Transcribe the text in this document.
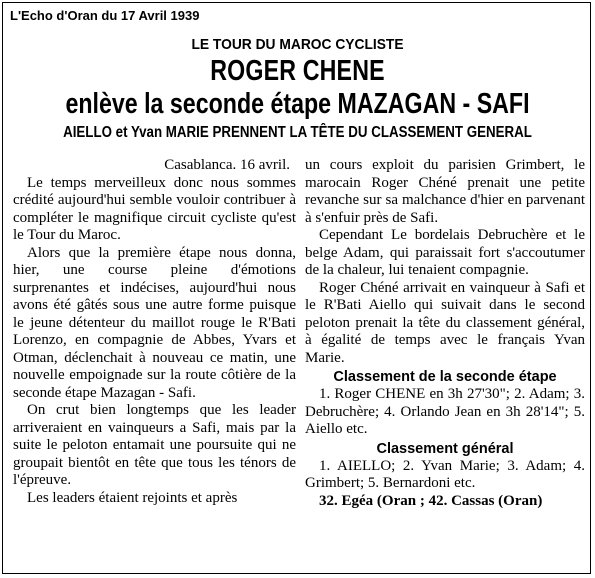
L'Echo d'Oran du 17 Avril 1939
LE TOUR DU MAROC CYCLISTE
ROGER CHENE
enlève la seconde étape MAZAGAN - SAFI
AIELLO et Yvan MARIE PRENNENT LA TÊTE DU CLASSEMENT GENERAL

Casablanca. 16 avril.

Le temps merveilleux donc nous sommes crédité aujourd'hui semble vouloir contribuer à compléter le magnifique circuit cycliste qu'est le Tour du Maroc.

Alors que la première étape nous donna, hier, une course pleine d'émotions surprenantes et indécises, aujourd'hui nous avons été gâtés sous une autre forme puisque le jeune détenteur du maillot rouge le R'Bati Lorenzo, en compagnie de Abbes, Yvars et Otman, déclenchait à nouveau ce matin, une nouvelle empoignade sur la route côtière de la seconde étape Mazagan - Safi.

On crut bien longtemps que les leader arriveraient en vainqueurs a Safi, mais par la suite le peloton entamait une poursuite qui ne groupait bientôt en tête que tous les ténors de l'épreuve.

Les leaders étaient rejoints et après

un cours exploit du parisien Grimbert, le marocain Roger Chéné prenait une petite revanche sur sa malchance d'hier en parvenant à s'enfuir près de Safi.

Cependant Le bordelais Debruchère et le belge Adam, qui paraissait fort s'accoutumer de la chaleur, lui tenaient compagnie.

Roger Chéné arrivait en vainqueur à Safi et le R'Bati Aiello qui suivait dans le second peloton prenait la tête du classement général, à égalité de temps avec le français Yvan Marie.

Classement de la seconde étape

1. Roger CHENE en 3h 27'30"; 2. Adam; 3. Debruchère; 4. Orlando Jean en 3h 28'14"; 5. Aiello etc.

Classement général

1. AIELLO; 2. Yvan Marie; 3. Adam; 4. Grimbert; 5. Bernardoni etc.

32. Egéa (Oran ; 42. Cassas (Oran)
